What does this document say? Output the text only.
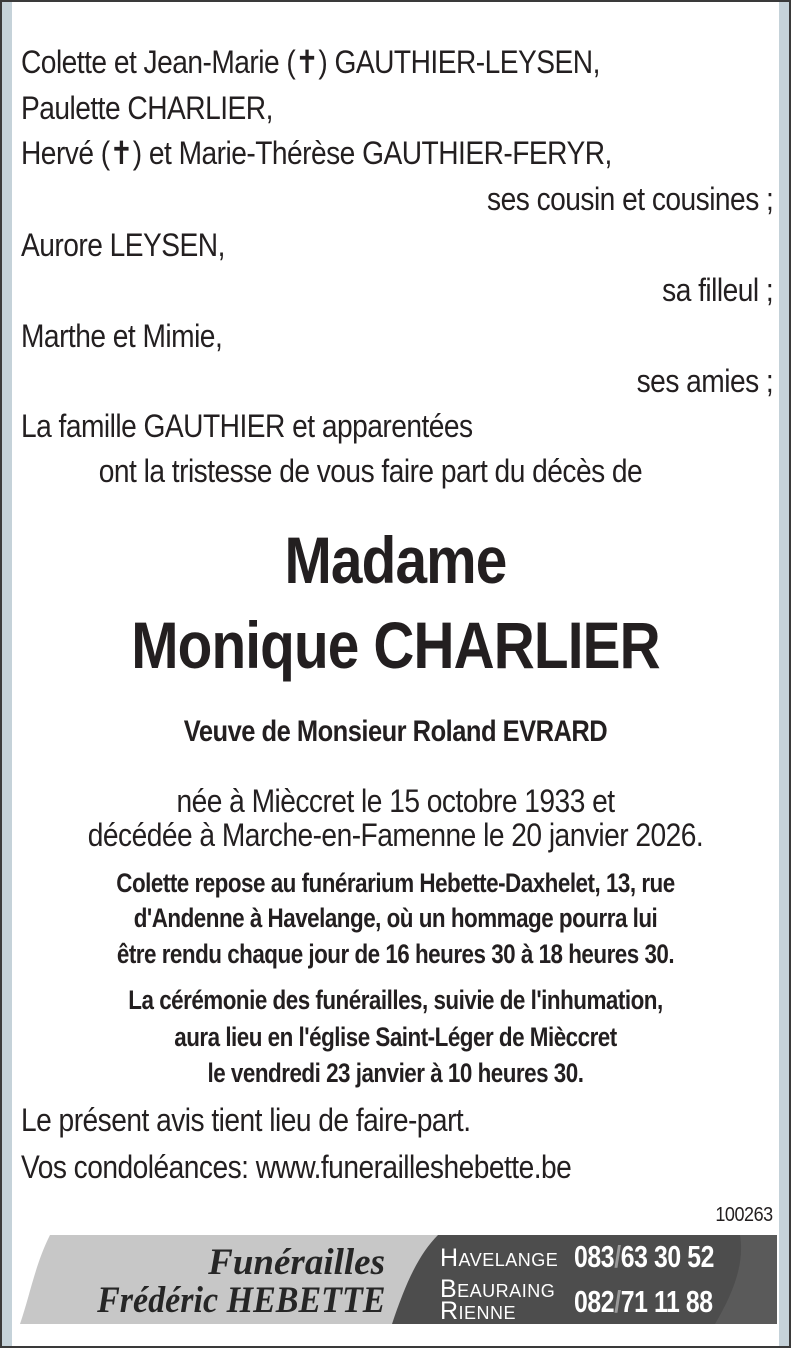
Colette et Jean-Marie (✝) GAUTHIER-LEYSEN,
Paulette CHARLIER,
Hervé (✝) et Marie-Thérèse GAUTHIER-FERYR,
ses cousin et cousines ;
Aurore LEYSEN,
sa filleul ;
Marthe et Mimie,
ses amies ;
La famille GAUTHIER et apparentées
ont la tristesse de vous faire part du décès de
Madame
Monique CHARLIER
Veuve de Monsieur Roland EVRARD
née à Mièccret le 15 octobre 1933 et
décédée à Marche-en-Famenne le 20 janvier 2026.
Colette repose au funérarium Hebette-Daxhelet, 13, rue
d'Andenne à Havelange, où un hommage pourra lui
être rendu chaque jour de 16 heures 30 à 18 heures 30.
La cérémonie des funérailles, suivie de l'inhumation,
aura lieu en l'église Saint-Léger de Mièccret
le vendredi 23 janvier à 10 heures 30.
Le présent avis tient lieu de faire-part.
Vos condoléances: www.funerailleshebette.be
100263
Funérailles
Frédéric HEBETTE
Havelange 083/63 30 52
Beauraing
Rienne 082/71 11 88
